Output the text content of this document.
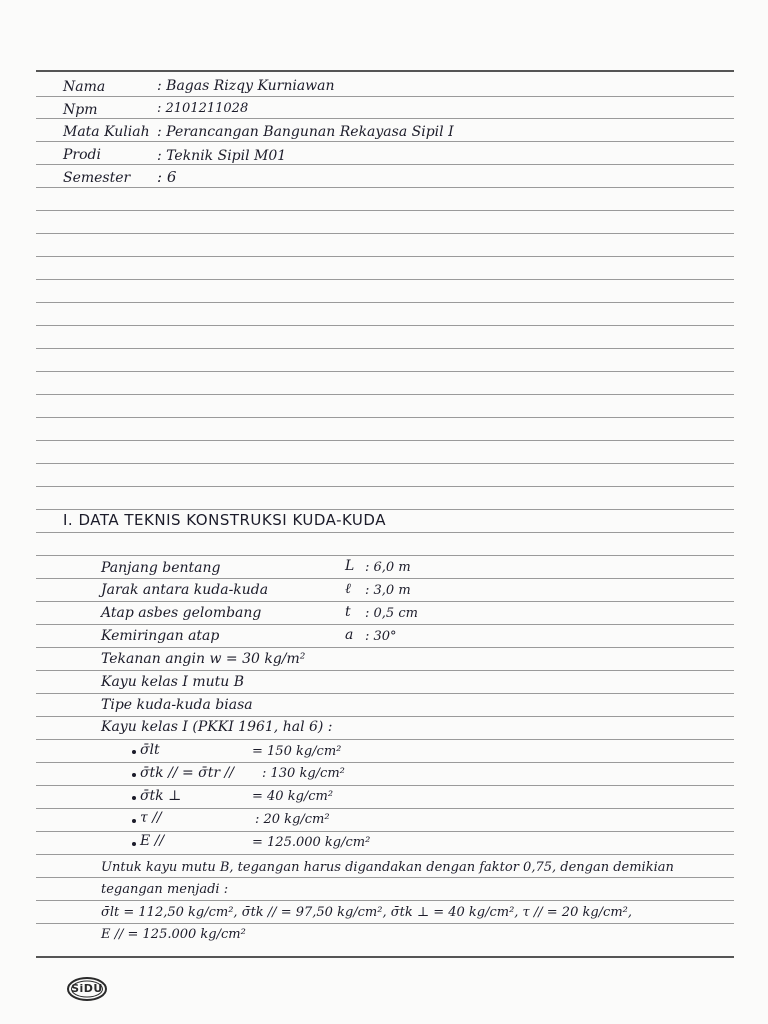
Nama	: Bagas Rizqy Kurniawan
Npm	: 2101211028
Mata Kuliah : Perancangan Bangunan Rekayasa Sipil I
Prodi	: Teknik Sipil M01
Semester : 6
I. DATA TEKNIS KONSTRUKSI KUDA-KUDA
Panjang bentang	L : 6,0 m
Jarak antara kuda-kuda	ℓ : 3,0 m
Atap asbes gelombang	t : 0,5 cm
Kemiringan atap	a : 30°
Tekanan angin w = 30 kg/m²
Kayu kelas I mutu B
Tipe kuda-kuda biasa
Kayu kelas I (PKKI 1961, hal 6) :
σ̄lt	= 150 kg/cm²
σ̄tk // = σ̄tr // : 130 kg/cm²
σ̄tk ⊥	= 40 kg/cm²
τ //	: 20 kg/cm²
E //	= 125.000 kg/cm²
Untuk kayu mutu B, tegangan harus digandakan dengan faktor 0,75, dengan demikian
tegangan menjadi :
σ̄lt = 112,50 kg/cm², σ̄tk // = 97,50 kg/cm², σ̄tk ⊥ = 40 kg/cm², τ // = 20 kg/cm²,
E // = 125.000 kg/cm²
SiDU
